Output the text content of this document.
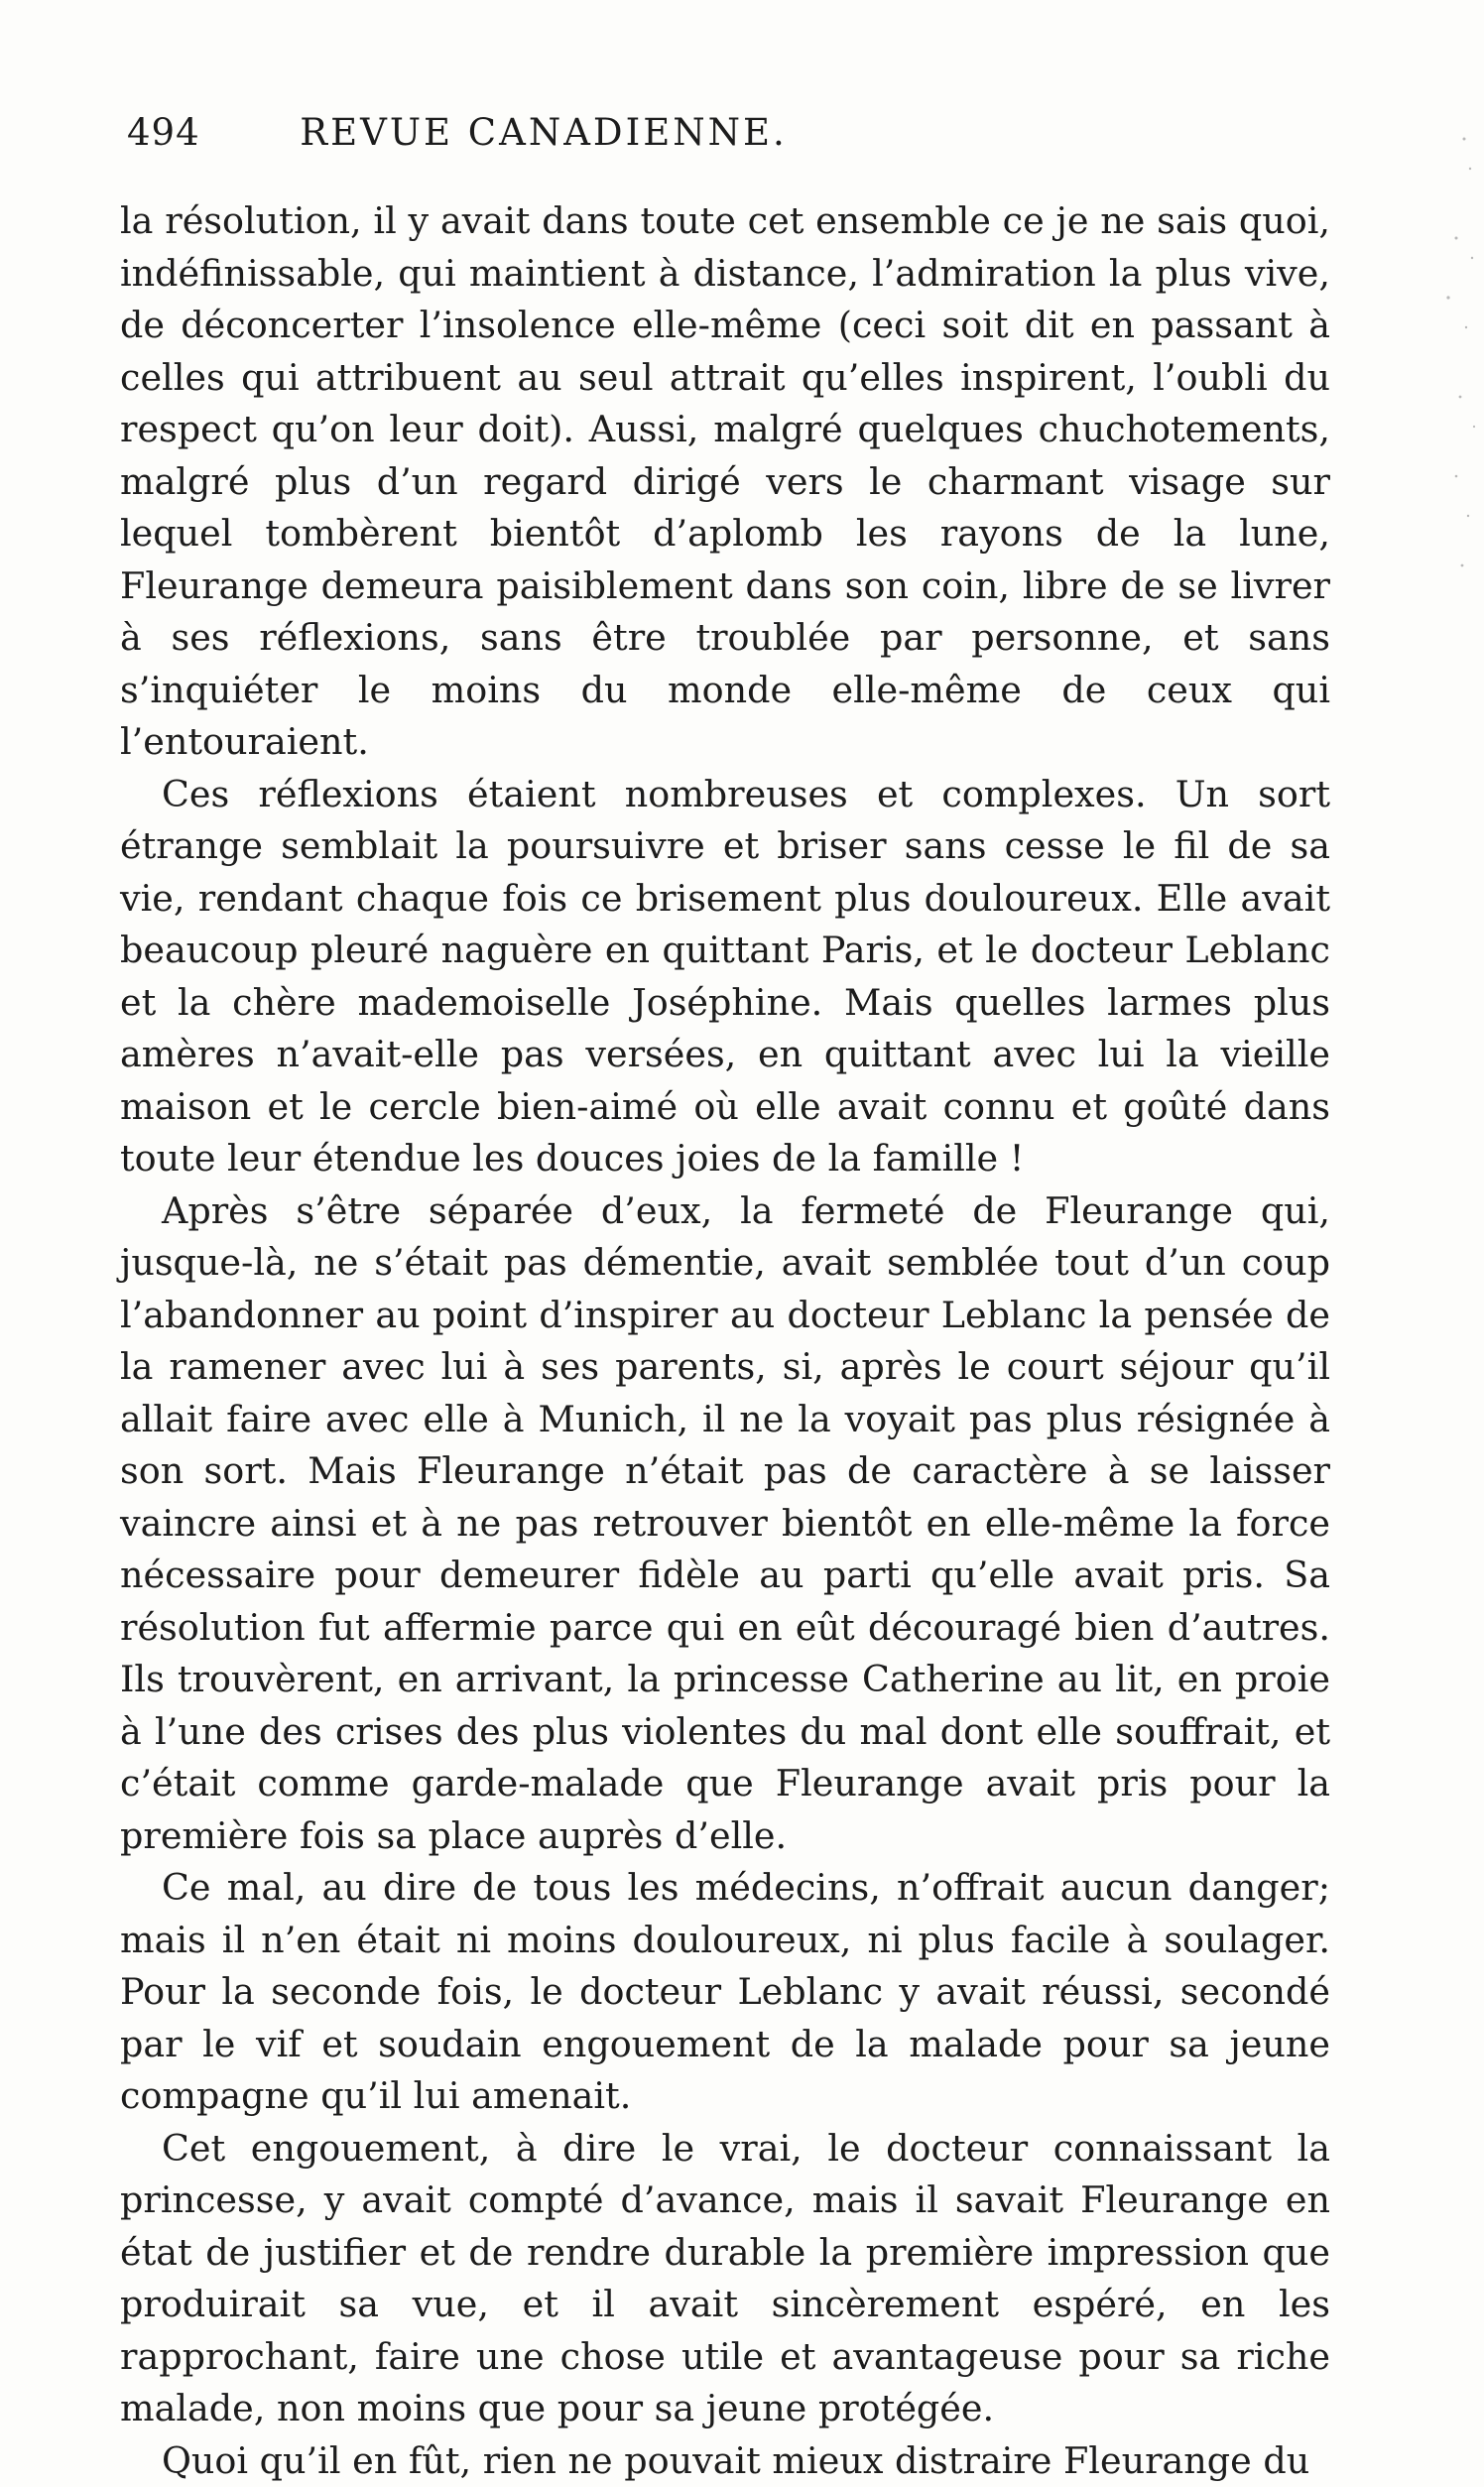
494	REVUE CANADIENNE.

la résolution, il y avait dans toute cet ensemble ce je ne sais quoi, indéfinissable, qui maintient à distance, l’admiration la plus vive, de déconcerter l’insolence elle-même (ceci soit dit en passant à celles qui attribuent au seul attrait qu’elles inspirent, l’oubli du respect qu’on leur doit). Aussi, malgré quelques chuchotements, malgré plus d’un regard dirigé vers le charmant visage sur lequel tombèrent bientôt d’aplomb les rayons de la lune, Fleurange demeura paisiblement dans son coin, libre de se livrer à ses réflexions, sans être troublée par personne, et sans s’inquiéter le moins du monde elle-même de ceux qui l’entouraient.

Ces réflexions étaient nombreuses et complexes. Un sort étrange semblait la poursuivre et briser sans cesse le fil de sa vie, rendant chaque fois ce brisement plus douloureux. Elle avait beaucoup pleuré naguère en quittant Paris, et le docteur Leblanc et la chère mademoiselle Joséphine. Mais quelles larmes plus amères n’avait-elle pas versées, en quittant avec lui la vieille maison et le cercle bien-aimé où elle avait connu et goûté dans toute leur étendue les douces joies de la famille !

Après s’être séparée d’eux, la fermeté de Fleurange qui, jusque-là, ne s’était pas démentie, avait semblée tout d’un coup l’abandonner au point d’inspirer au docteur Leblanc la pensée de la ramener avec lui à ses parents, si, après le court séjour qu’il allait faire avec elle à Munich, il ne la voyait pas plus résignée à son sort. Mais Fleurange n’était pas de caractère à se laisser vaincre ainsi et à ne pas retrouver bientôt en elle-même la force nécessaire pour demeurer fidèle au parti qu’elle avait pris. Sa résolution fut affermie parce qui en eût découragé bien d’autres. Ils trouvèrent, en arrivant, la princesse Catherine au lit, en proie à l’une des crises des plus violentes du mal dont elle souffrait, et c’était comme garde-malade que Fleurange avait pris pour la première fois sa place auprès d’elle.

Ce mal, au dire de tous les médecins, n’offrait aucun danger; mais il n’en était ni moins douloureux, ni plus facile à soulager. Pour la seconde fois, le docteur Leblanc y avait réussi, secondé par le vif et soudain engouement de la malade pour sa jeune compagne qu’il lui amenait.

Cet engouement, à dire le vrai, le docteur connaissant la princesse, y avait compté d’avance, mais il savait Fleurange en état de justifier et de rendre durable la première impression que produirait sa vue, et il avait sincèrement espéré, en les rapprochant, faire une chose utile et avantageuse pour sa riche malade, non moins que pour sa jeune protégée.

Quoi qu’il en fût, rien ne pouvait mieux distraire Fleurange du
